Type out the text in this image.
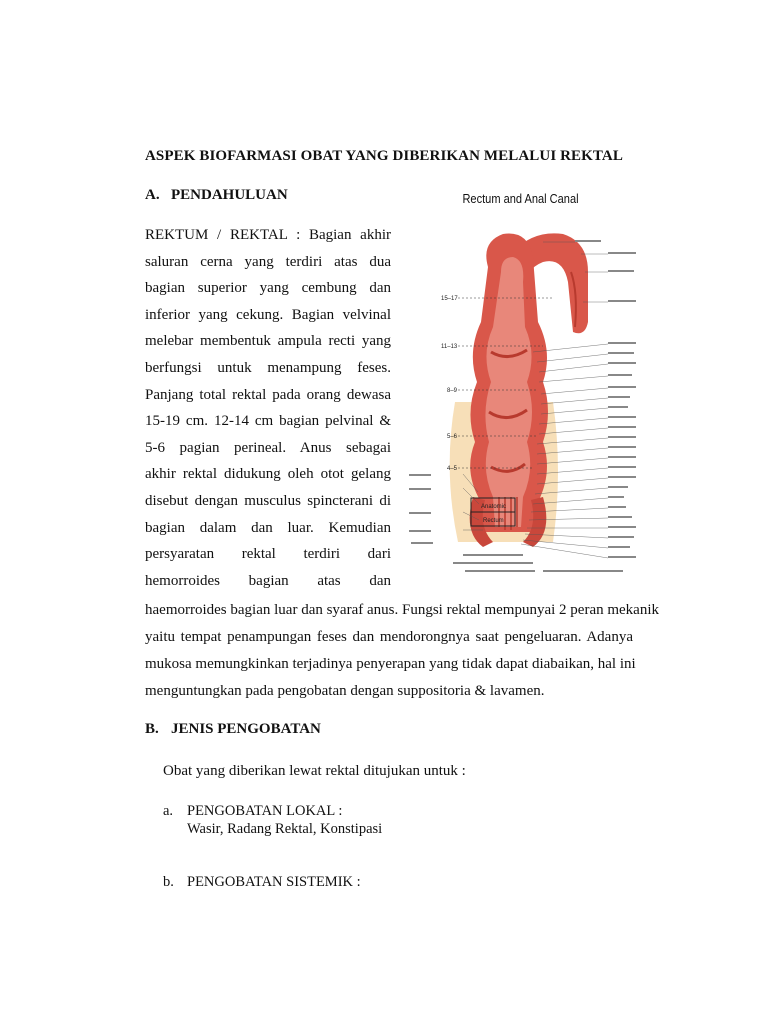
ASPEK BIOFARMASI OBAT YANG DIBERIKAN MELALUI REKTAL
A. PENDAHULUAN
REKTUM / REKTAL : Bagian akhir
saluran cerna yang terdiri atas dua
bagian superior yang cembung dan
inferior yang cekung. Bagian velvinal
melebar membentuk ampula recti yang
berfungsi untuk menampung feses.
Panjang total rektal pada orang dewasa
15-19 cm. 12-14 cm bagian pelvinal &
5-6 pagian perineal. Anus sebagai
akhir rektal didukung oleh otot gelang
disebut dengan musculus spincterani di
bagian dalam dan luar. Kemudian
persyaratan rektal terdiri dari
hemorroides bagian atas dan
Rectum and Anal Canal
Anatomic
Rectum
15–17
11–13
8–9
5–6
4–5
haemorroides bagian luar dan syaraf anus. Fungsi rektal mempunyai 2 peran mekanik
yaitu tempat penampungan feses dan mendorongnya saat pengeluaran. Adanya
mukosa memungkinkan terjadinya penyerapan yang tidak dapat diabaikan, hal ini
menguntungkan pada pengobatan dengan suppositoria & lavamen.
B. JENIS PENGOBATAN
Obat yang diberikan lewat rektal ditujukan untuk :
a. PENGOBATAN LOKAL :
Wasir, Radang Rektal, Konstipasi
b. PENGOBATAN SISTEMIK :
